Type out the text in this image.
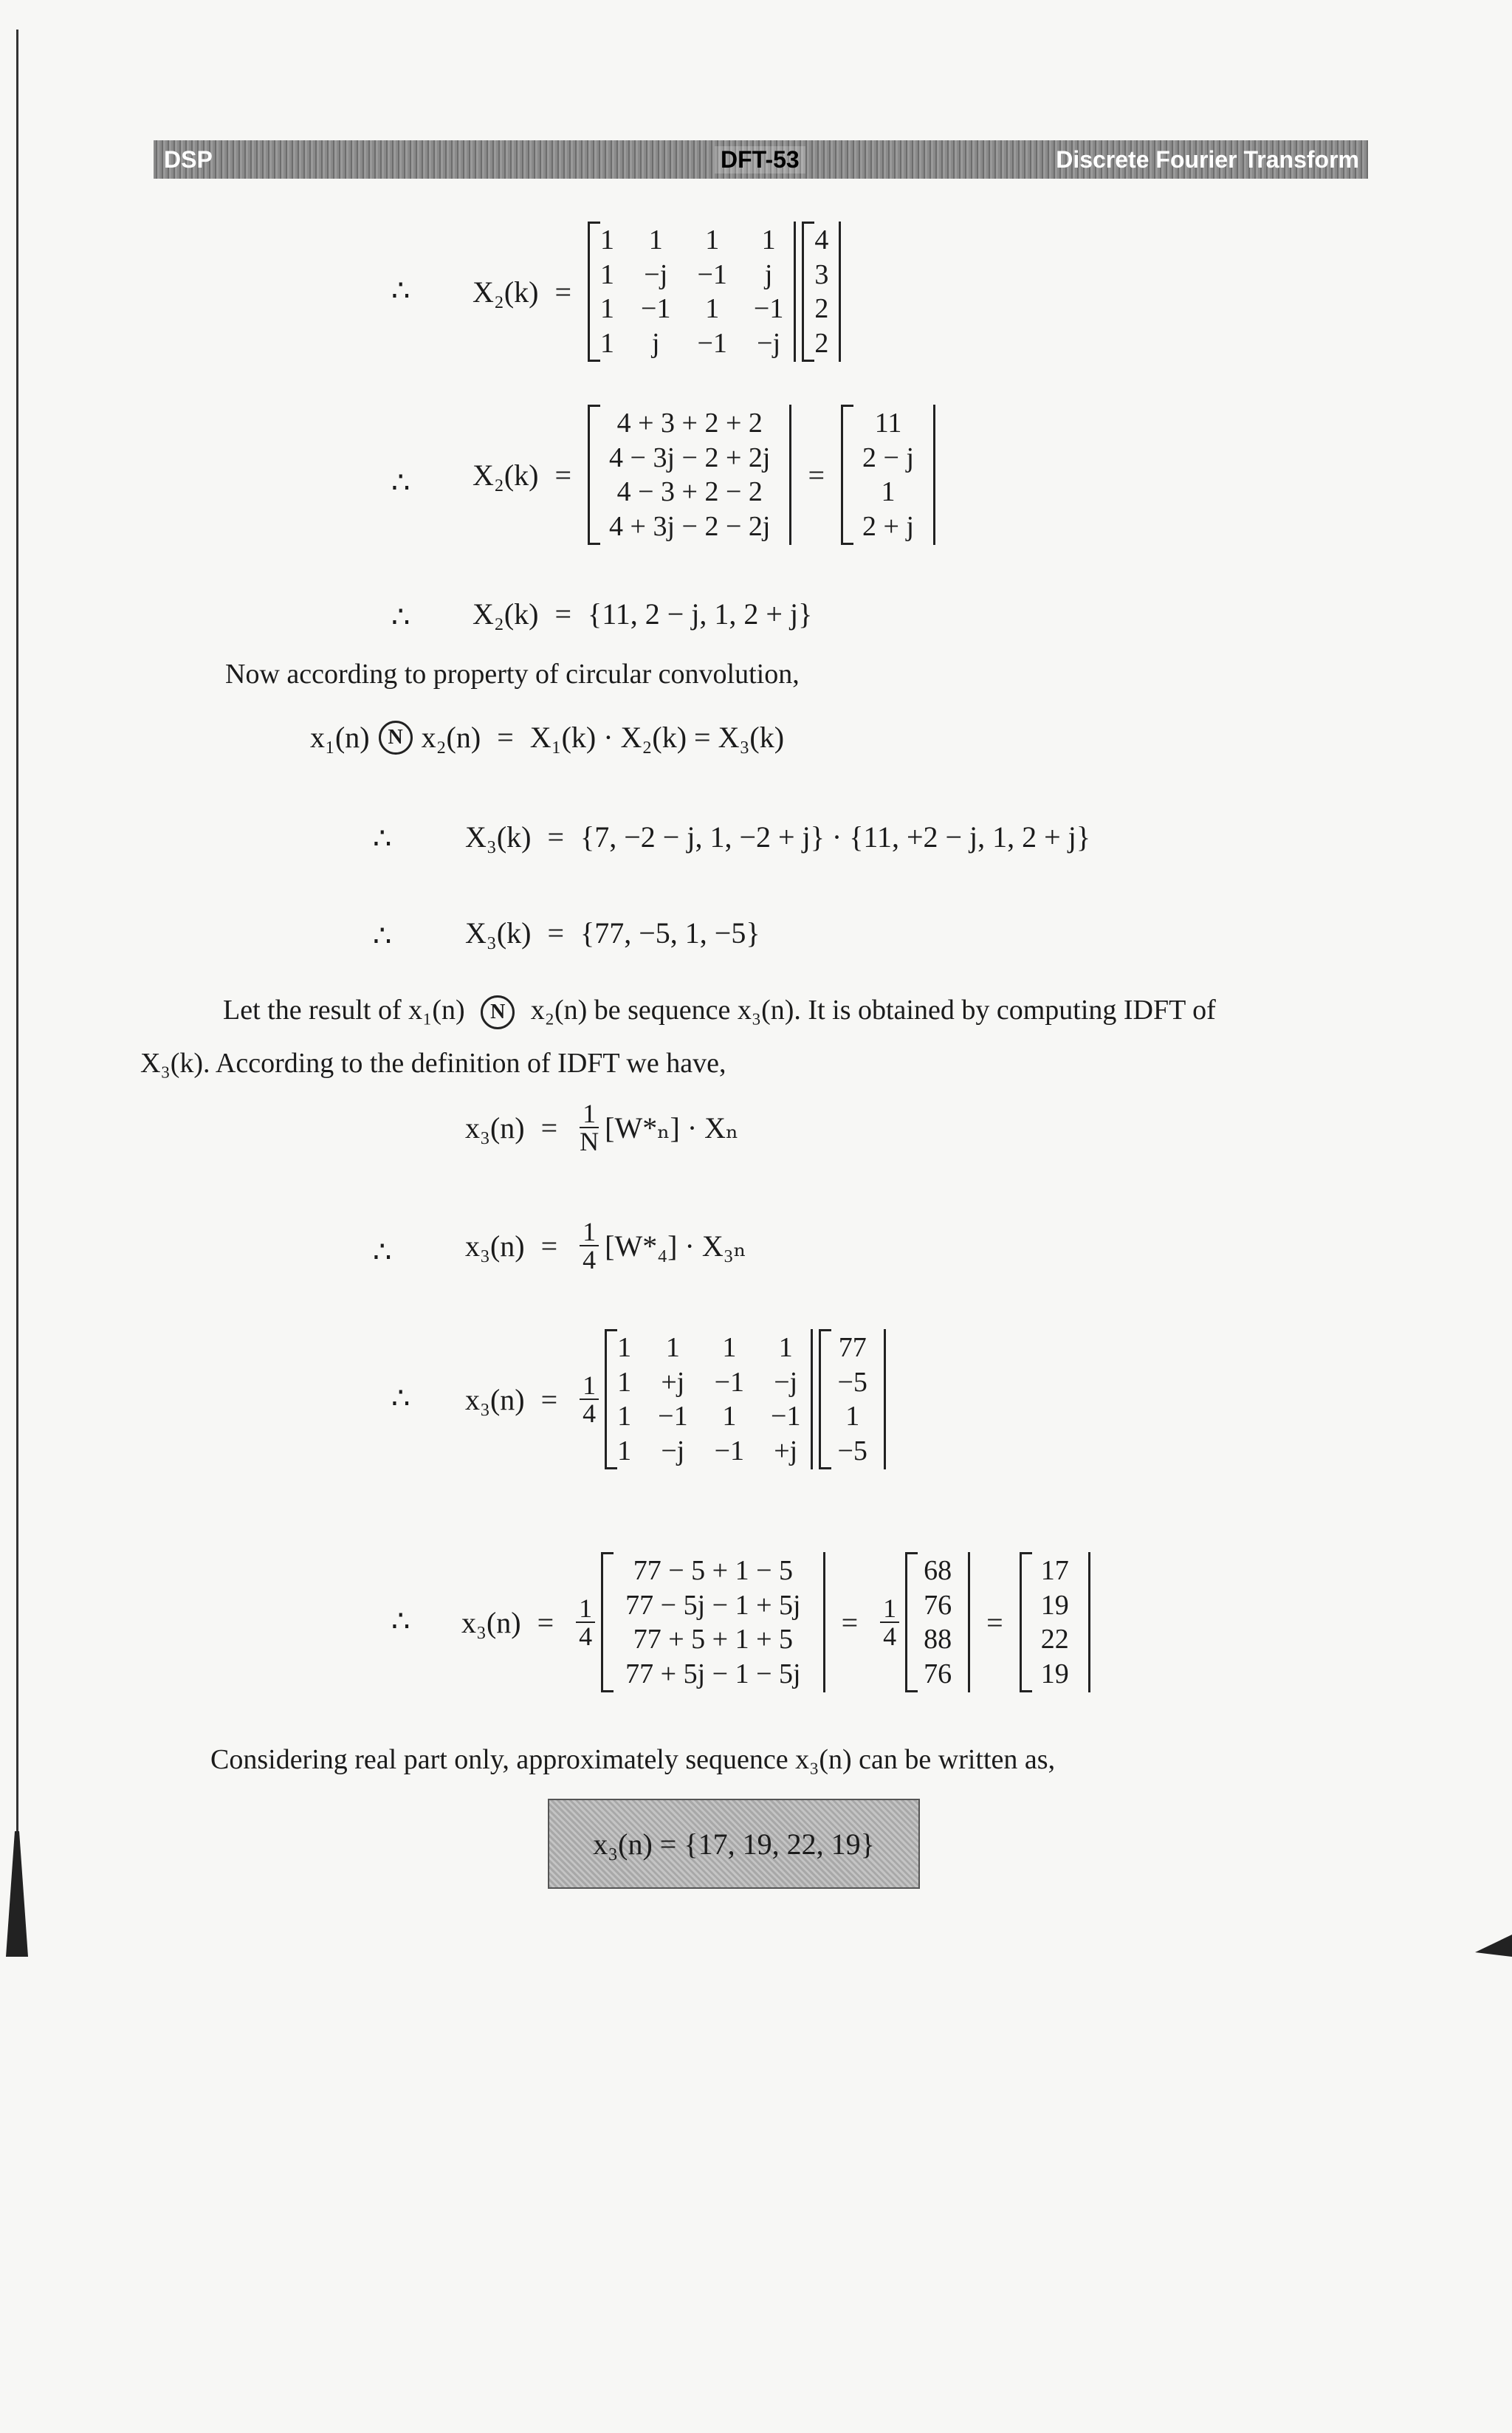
DSP	DFT-53	Discrete Fourier Transform
∴ X₂(k) =
1 1 1 1
1 −j −1	j
1 −1 1 −1
1	j	−1 −j
4
3
2
2
∴ X₂(k) =
4 + 3 + 2 + 2
4 − 3j − 2 + 2j
4 − 3 + 2 − 2
4 + 3j − 2 − 2j
=
11
2 − j
1
2 + j
∴ X₂(k) = {11, 2 − j, 1, 2 + j}
Now according to property of circular convolution,
x₁(n) N x₂(n) = X₁(k) · X₂(k) = X₃(k)
∴ X₃(k) = {7, −2 − j, 1, −2 + j} · {11, +2 − j, 1, 2 + j}
∴ X₃(k) = {77, −5, 1, −5}
Let the result of x₁(n) N x₂(n) be sequence x₃(n). It is obtained by computing IDFT of
X₃(k). According to the definition of IDFT we have,
$x_3(n) = \frac{1}{N} [W*_n] \cdot X_n$
∴ $x_3(n) = \frac{1}{4} [W*_4] \cdot X_{3n}$
∴ $x_3(n) = \frac{1}{4}$
1 1 1 1
1 +j −1 −j
1 −1 1 −1
1 −j −1 +j
77
−5
1
−5
∴ $x_3(n) = \frac{1}{4}$
77 − 5 + 1 − 5
77 − 5j − 1 + 5j
77 + 5 + 1 + 5
77 + 5j − 1 − 5j
= $\frac{1}{4}$
68
76
88
76
=
17
19
22
19
Considering real part only, approximately sequence x₃(n) can be written as,
x₃(n) = {17, 19, 22, 19}
